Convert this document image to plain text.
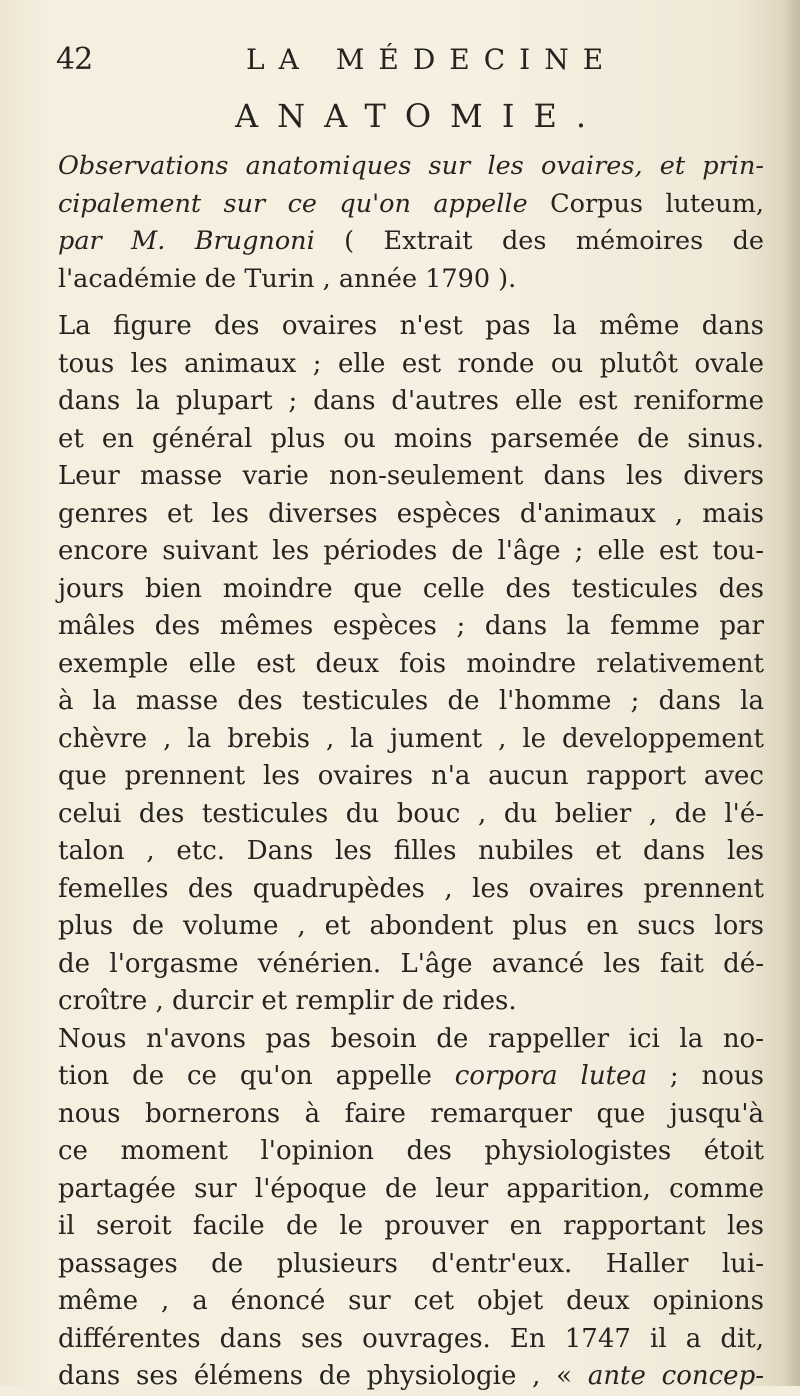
42	LA MÉDECINE
ANATOMIE.
Observations anatomiques sur les ovaires, et prin-
cipalement sur ce qu'on appelle Corpus luteum,
par M. Brugnoni ( Extrait des mémoires de
l'académie de Turin , année 1790 ).
La figure des ovaires n'est pas la même dans
tous les animaux ; elle est ronde ou plutôt ovale
dans la plupart ; dans d'autres elle est reniforme
et en général plus ou moins parsemée de sinus.
Leur masse varie non-seulement dans les divers
genres et les diverses espèces d'animaux , mais
encore suivant les périodes de l'âge ; elle est tou-
jours bien moindre que celle des testicules des
mâles des mêmes espèces ; dans la femme par
exemple elle est deux fois moindre relativement
à la masse des testicules de l'homme ; dans la
chèvre , la brebis , la jument , le developpement
que prennent les ovaires n'a aucun rapport avec
celui des testicules du bouc , du belier , de l'é-
talon , etc. Dans les filles nubiles et dans les
femelles des quadrupèdes , les ovaires prennent
plus de volume , et abondent plus en sucs lors
de l'orgasme vénérien. L'âge avancé les fait dé-
croître , durcir et remplir de rides.
Nous n'avons pas besoin de rappeller ici la no-
tion de ce qu'on appelle corpora lutea ; nous
nous bornerons à faire remarquer que jusqu'à
ce moment l'opinion des physiologistes étoit
partagée sur l'époque de leur apparition, comme
il seroit facile de le prouver en rapportant les
passages de plusieurs d'entr'eux. Haller lui-
même , a énoncé sur cet objet deux opinions
différentes dans ses ouvrages. En 1747 il a dit,
dans ses élémens de physiologie , « ante concep-
